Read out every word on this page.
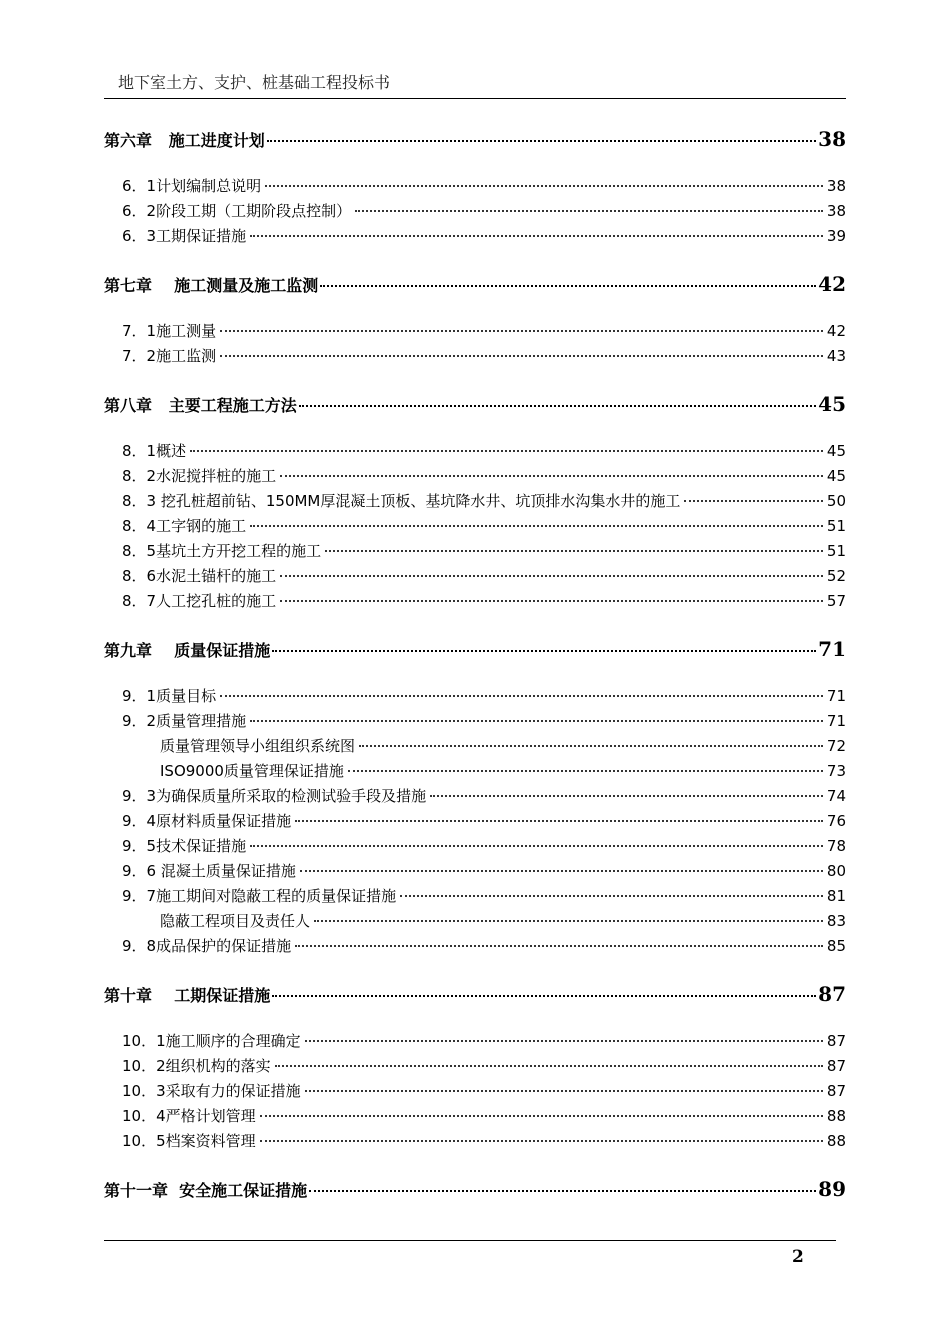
地下室土方、支护、桩基础工程投标书
第六章   施工进度计划	38
6．1计划编制总说明	38
6．2阶段工期（工期阶段点控制）	38
6．3工期保证措施	39
第七章    施工测量及施工监测	42
7．1施工测量	42
7．2施工监测	43
第八章   主要工程施工方法	45
8．1概述	45
8．2水泥搅拌桩的施工	45
8．3 挖孔桩超前钻、150MM厚混凝土顶板、基坑降水井、坑顶排水沟集水井的施工	50
8．4工字钢的施工	51
8．5基坑土方开挖工程的施工	51
8．6水泥土锚杆的施工	52
8．7人工挖孔桩的施工	57
第九章    质量保证措施	71
9．1质量目标	71
9．2质量管理措施	71
质量管理领导小组组织系统图	72
ISO9000质量管理保证措施	73
9．3为确保质量所采取的检测试验手段及措施	74
9．4原材料质量保证措施	76
9．5技术保证措施	78
9．6 混凝土质量保证措施	80
9．7施工期间对隐蔽工程的质量保证措施	81
隐蔽工程项目及责任人	83
9．8成品保护的保证措施	85
第十章    工期保证措施	87
10．1施工顺序的合理确定	87
10．2组织机构的落实	87
10．3采取有力的保证措施	87
10．4严格计划管理	88
10．5档案资料管理	88
第十一章  安全施工保证措施	89
2
